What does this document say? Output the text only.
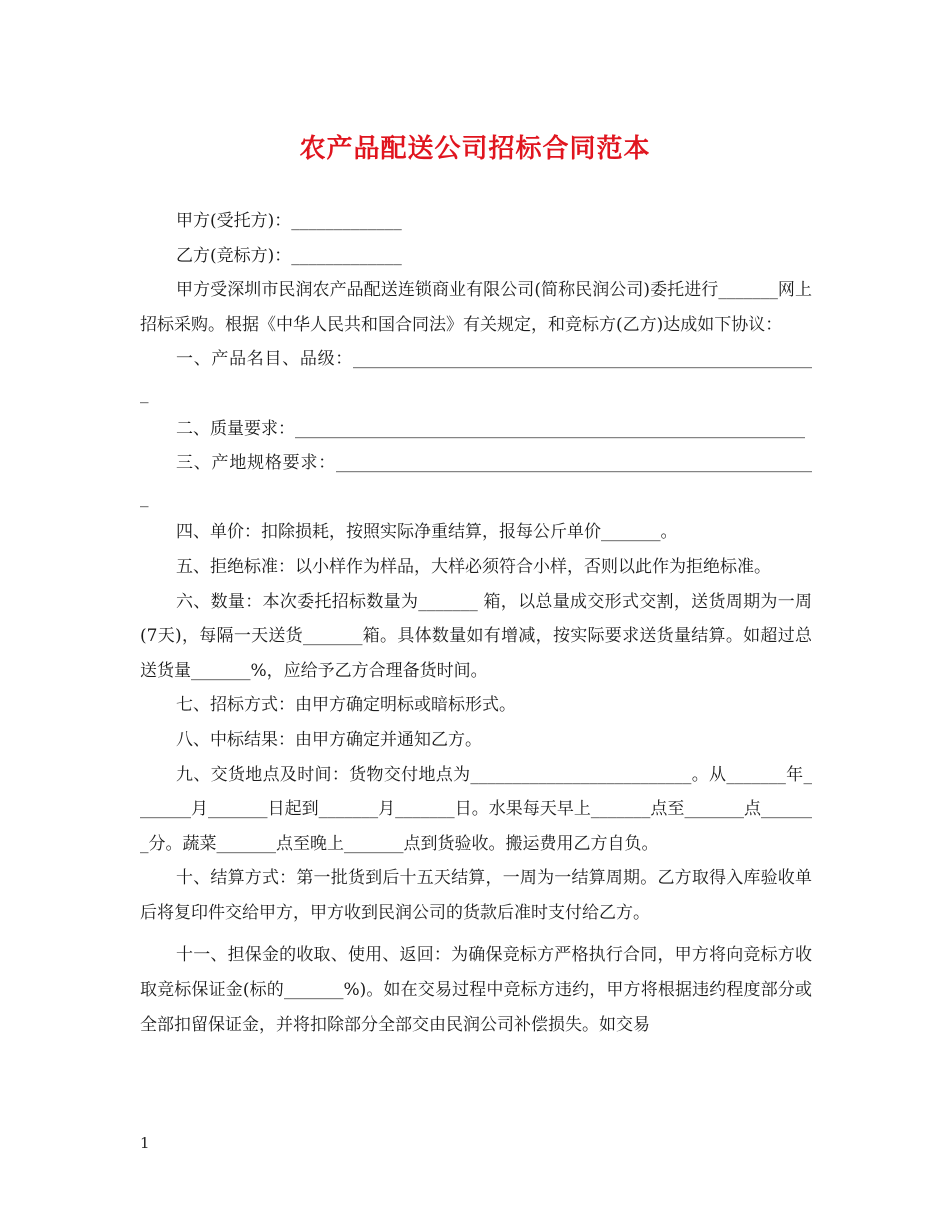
农产品配送公司招标合同范本

甲方(受托方)：_____________

乙方(竞标方)：_____________

甲方受深圳市民润农产品配送连锁商业有限公司(简称民润公司)委托进行_______网上招标采购。根据《中华人民共和国合同法》有关规定，和竞标方(乙方)达成如下协议：

一、产品名目、品级：_______________________________________________________

二、质量要求：____________________________________________________________

三、产地规格要求：_________________________________________________________

四、单价：扣除损耗，按照实际净重结算，报每公斤单价_______。

五、拒绝标准：以小样作为样品，大样必须符合小样，否则以此作为拒绝标准。

六、数量：本次委托招标数量为_______ 箱，以总量成交形式交割，送货周期为一周(7天)，每隔一天送货_______箱。具体数量如有增减，按实际要求送货量结算。如超过总送货量_______%，应给予乙方合理备货时间。

七、招标方式：由甲方确定明标或暗标形式。

八、中标结果：由甲方确定并通知乙方。

九、交货地点及时间：货物交付地点为__________________________。从_______年_______月_______日起到_______月_______日。水果每天早上_______点至_______点_______分。蔬菜_______点至晚上_______点到货验收。搬运费用乙方自负。

十、结算方式：第一批货到后十五天结算，一周为一结算周期。乙方取得入库验收单后将复印件交给甲方，甲方收到民润公司的货款后准时支付给乙方。

十一、担保金的收取、使用、返回：为确保竞标方严格执行合同，甲方将向竞标方收取竞标保证金(标的_______%)。如在交易过程中竞标方违约，甲方将根据违约程度部分或全部扣留保证金，并将扣除部分全部交由民润公司补偿损失。如交易

1
